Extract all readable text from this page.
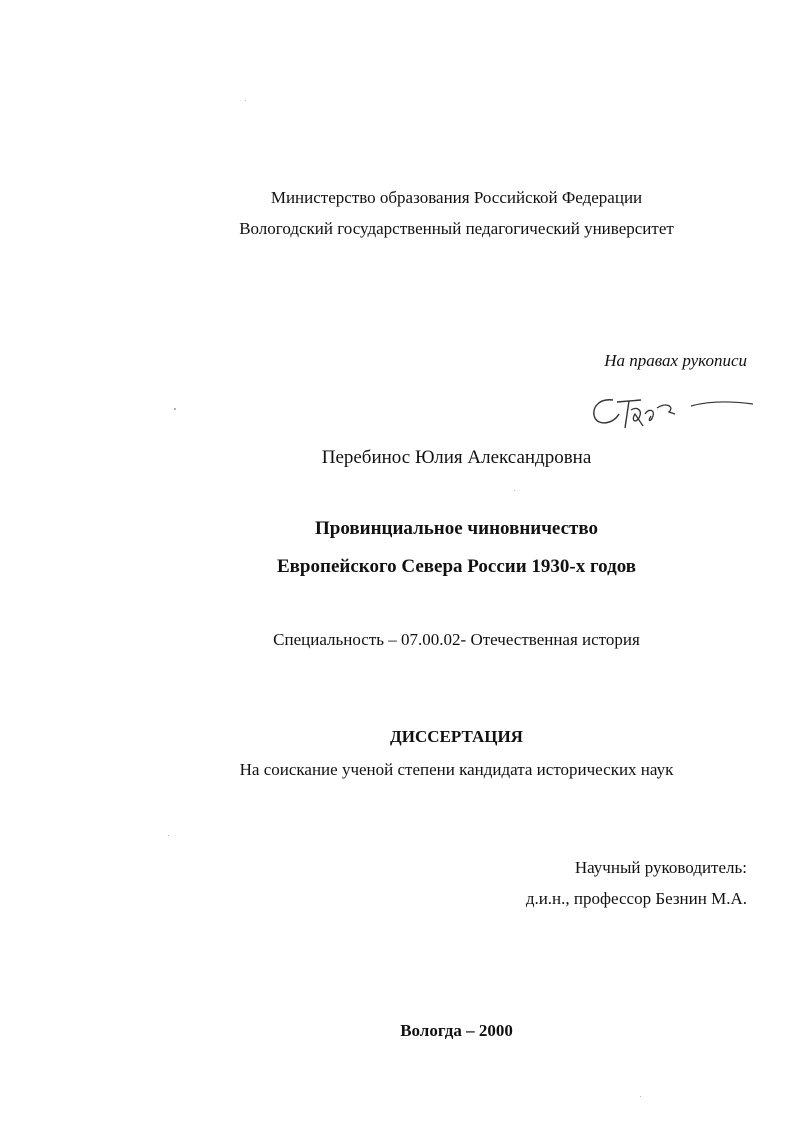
Министерство образования Российской Федерации
Вологодский государственный педагогический университет
На правах рукописи
Перебинос Юлия Александровна
Провинциальное чиновничество
Европейского Севера России 1930-х годов
Специальность – 07.00.02- Отечественная история
ДИССЕРТАЦИЯ
На соискание ученой степени кандидата исторических наук
Научный руководитель:
д.и.н., профессор Безнин М.А.
Вологда – 2000
